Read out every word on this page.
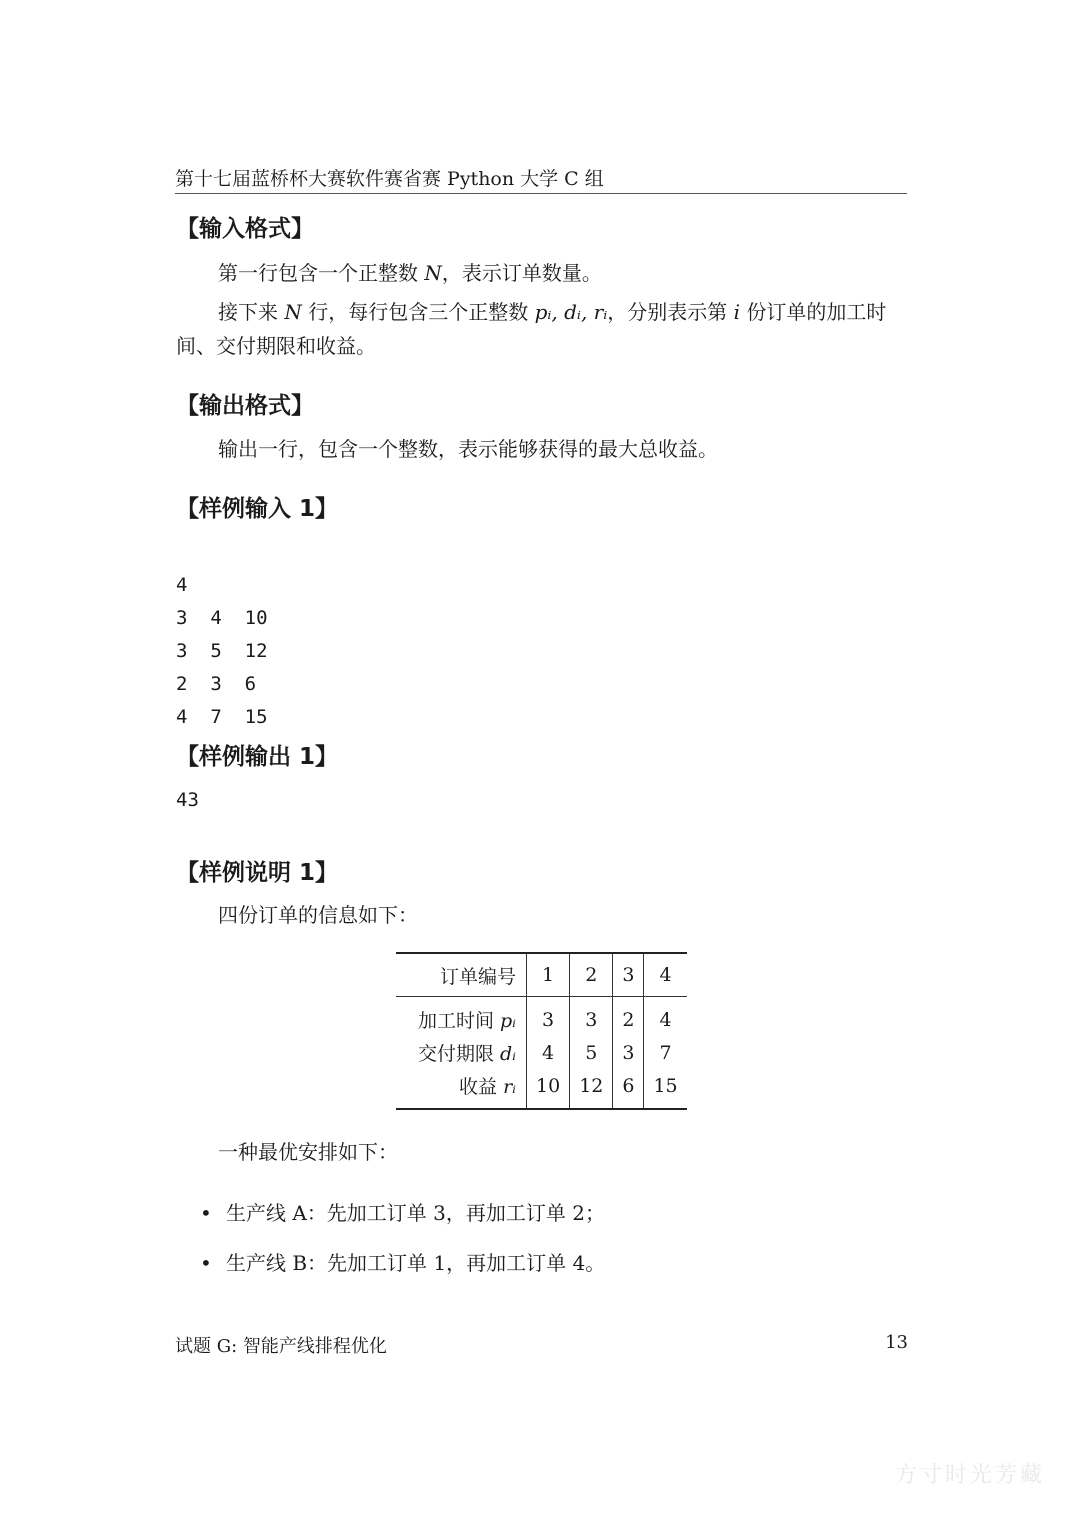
第十七届蓝桥杯大赛软件赛省赛 Python 大学 C 组
【输入格式】

第一行包含一个正整数 N，表示订单数量。

接下来 N 行，每行包含三个正整数 pᵢ, dᵢ, rᵢ，分别表示第 i 份订单的加工时间、交付期限和收益。

【输出格式】

输出一行，包含一个整数，表示能够获得的最大总收益。

【样例输入 1】

4
3  4  10
3  5  12
2  3  6
4  7  15
【样例输出 1】
43
【样例说明 1】

四份订单的信息如下：

订单编号	1	2	3	4
加工时间 pᵢ	3	3	2	4
交付期限 dᵢ	4	5	3	7
收益 rᵢ	10	12	6	15

一种最优安排如下：

• 生产线 A：先加工订单 3，再加工订单 2；
• 生产线 B：先加工订单 1，再加工订单 4。
试题 G: 智能产线排程优化	13
方寸时光芳藏
